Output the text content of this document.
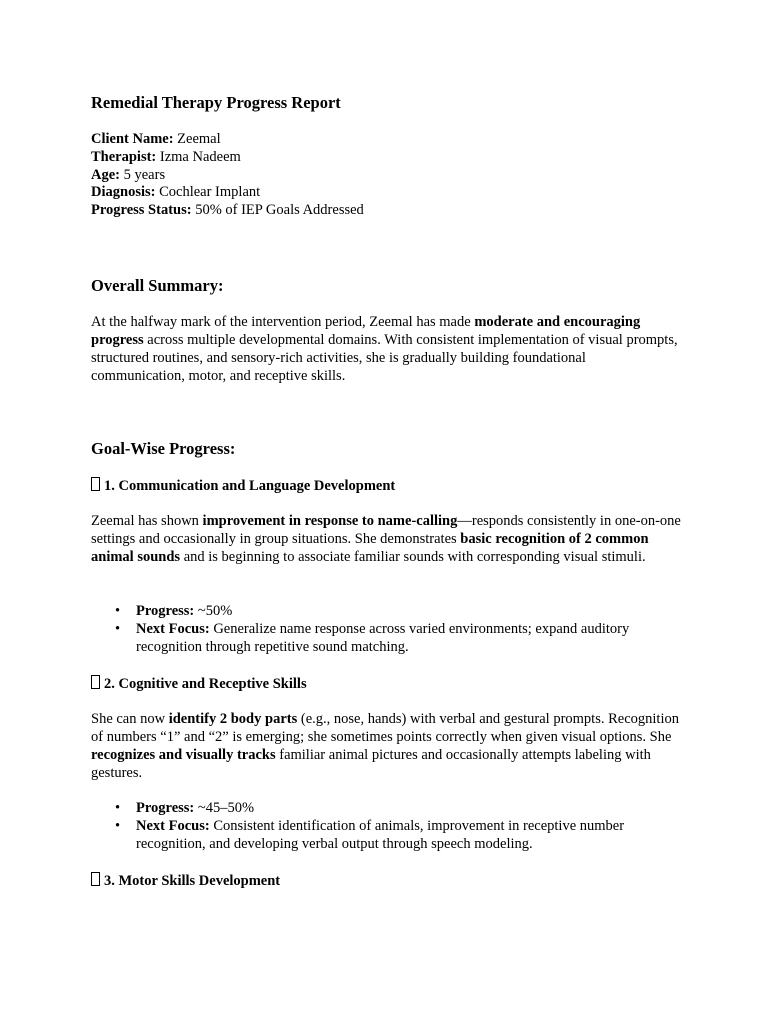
Remedial Therapy Progress Report
Client Name: Zeemal
Therapist: Izma Nadeem
Age: 5 years
Diagnosis: Cochlear Implant
Progress Status: 50% of IEP Goals Addressed
Overall Summary:

At the halfway mark of the intervention period, Zeemal has made moderate and encouraging progress across multiple developmental domains. With consistent implementation of visual prompts, structured routines, and sensory-rich activities, she is gradually building foundational communication, motor, and receptive skills.

Goal-Wise Progress:
1. Communication and Language Development

Zeemal has shown improvement in response to name-calling—responds consistently in one-on-one settings and occasionally in group situations. She demonstrates basic recognition of 2 common animal sounds and is beginning to associate familiar sounds with corresponding visual stimuli.

• Progress: ~50%
• Next Focus: Generalize name response across varied environments; expand auditory recognition through repetitive sound matching.
2. Cognitive and Receptive Skills

She can now identify 2 body parts (e.g., nose, hands) with verbal and gestural prompts. Recognition of numbers “1” and “2” is emerging; she sometimes points correctly when given visual options. She recognizes and visually tracks familiar animal pictures and occasionally attempts labeling with gestures.

• Progress: ~45–50%
• Next Focus: Consistent identification of animals, improvement in receptive number recognition, and developing verbal output through speech modeling.
3. Motor Skills Development
